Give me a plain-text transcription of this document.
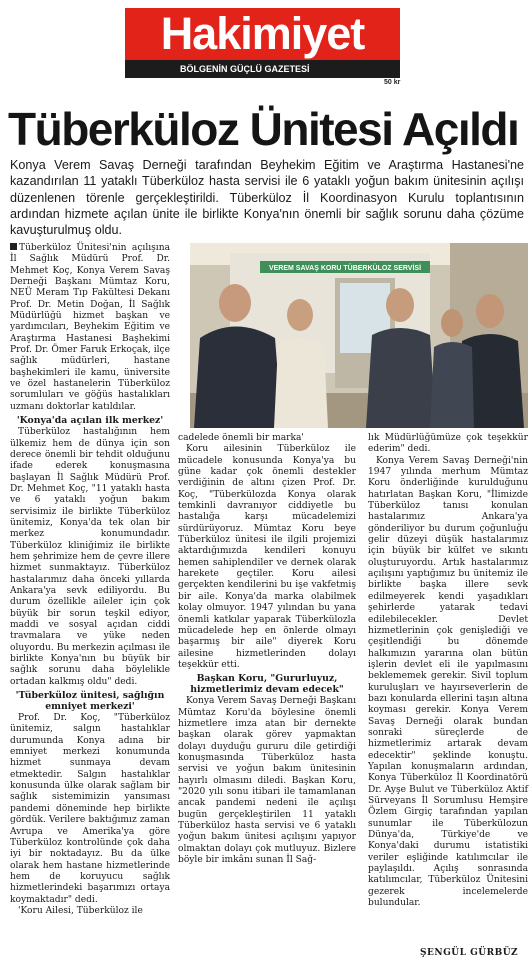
Hakimiyet
BÖLGENİN GÜÇLÜ GAZETESİ
50 kr
Tüberküloz Ünitesi Açıldı

Konya Verem Savaş Derneği tarafından Beyhekim Eğitim ve Araştırma Hastanesi'ne kazandırılan 11 yataklı Tüberküloz hasta servisi ile 6 yataklı yoğun bakım ünitesinin açılışı düzenlenen törenle gerçekleştirildi. Tüberküloz İl Koordinasyon Kurulu toplantısının ardından hizmete açılan ünite ile birlikte Konya'nın önemli bir sağlık sorunu daha çözüme kavuşturulmuş oldu.

Tüberküloz Ünitesi'nin açılışına İl Sağlık Müdürü Prof. Dr. Mehmet Koç, Konya Verem Savaş Derneği Başkanı Mümtaz Koru, NEÜ Meram Tıp Fakültesi Dekanı Prof. Dr. Metin Doğan, İl Sağlık Müdürlüğü hizmet başkan ve yardımcıları, Beyhekim Eğitim ve Araştırma Hastanesi Başhekimi Prof. Dr. Ömer Faruk Erkoçak, ilçe sağlık müdürleri, hastane başhekimleri ile kamu, üniversite ve özel hastanelerin Tüberküloz sorumluları ve göğüs hastalıkları uzmanı doktorlar katıldılar.

'Konya'da açılan ilk merkez'

Tüberküloz hastalığının hem ülkemiz hem de dünya için son derece önemli bir tehdit olduğunu ifade ederek konuşmasına başlayan İl Sağlık Müdürü Prof. Dr. Mehmet Koç, "11 yataklı hasta ve 6 yataklı yoğun bakım servisimiz ile birlikte Tüberküloz ünitemiz, Konya'da tek olan bir merkez konumundadır. Tüberküloz kliniğimiz ile birlikte hem şehrimize hem de çevre illere hizmet sunmaktayız. Tüberküloz hastalarımız daha önceki yıllarda Ankara'ya sevk ediliyordu. Bu durum özellikle aileler için çok büyük bir sorun teşkil ediyor, maddi ve sosyal açıdan ciddi travmalara ve yüke neden oluyordu. Bu merkezin açılması ile birlikte Konya'nın bu büyük bir sağlık sorunu daha böylelikle ortadan kalkmış oldu" dedi.

'Tüberküloz ünitesi, sağlığın emniyet merkezi'

Prof. Dr. Koç, "Tüberküloz ünitemiz, salgın hastalıklar durumunda Konya adına bir emniyet merkezi konumunda hizmet sunmaya devam etmektedir. Salgın hastalıklar konusunda ülke olarak sağlam bir sağlık sistemimizin yansıması pandemi döneminde hep birlikte gördük. Verilere baktığımız zaman Avrupa ve Amerika'ya göre Tüberküloz kontrolünde çok daha iyi bir noktadayız. Bu da ülke olarak hem hastane hizmetlerinde hem de koruyucu sağlık hizmetlerindeki başarımızı ortaya koymaktadır" dedi.

'Koru Ailesi, Tüberküloz ile

VEREM SAVAŞ KORU TÜBERKÜLOZ SERVİSİ

cadelede önemli bir marka'

Koru ailesinin Tüberküloz ile mücadele konusunda Konya'ya bu güne kadar çok önemli destekler verdiğinin de altını çizen Prof. Dr. Koç, "Tüberkülozda Konya olarak temkinli davranıyor ciddiyetle bu hastalığa karşı mücadelemizi sürdürüyoruz. Mümtaz Koru beye Tüberküloz ünitesi ile ilgili projemizi aktardığımızda kendileri konuyu hemen sahiplendiler ve dernek olarak harekete geçtiler. Koru ailesi gerçekten kendilerini bu işe vakfetmiş bir aile. Konya'da marka olabilmek kolay olmuyor. 1947 yılından bu yana önemli katkılar yaparak Tüberkülozla mücadelede hep en önlerde olmayı başarmış bir aile" diyerek Koru ailesine hizmetlerinden dolayı teşekkür etti.

Başkan Koru, "Gururluyuz, hizmetlerimiz devam edecek"

Konya Verem Savaş Derneği Başkanı Mümtaz Koru'da böylesine önemli hizmetlere imza atan bir dernekte başkan olarak görev yapmaktan dolayı duyduğu gururu dile getirdiği konuşmasında Tüberküloz hasta servisi ve yoğun bakım ünitesinin hayırlı olmasını diledi. Başkan Koru, "2020 yılı sonu itibari ile tamamlanan ancak pandemi nedeni ile açılışı bugün gerçekleştirilen 11 yataklı Tüberküloz hasta servisi ve 6 yataklı yoğun bakım ünitesi açılışını yapıyor olmaktan dolayı çok mutluyuz. Bizlere böyle bir imkânı sunan İl Sağ-

lık Müdürlüğümüze çok teşekkür ederim" dedi.

Konya Verem Savaş Derneği'nin 1947 yılında merhum Mümtaz Koru önderliğinde kurulduğunu hatırlatan Başkan Koru, "İlimizde Tüberküloz tanısı konulan hastalarımız Ankara'ya gönderiliyor bu durum çoğunluğu gelir düzeyi düşük hastalarımız için büyük bir külfet ve sıkıntı oluşturuyordu. Artık hastalarımız açılışını yaptığımız bu ünitemiz ile birlikte başka illere sevk edilmeyerek kendi yaşadıkları şehirlerde yatarak tedavi edilebilecekler. Devlet hizmetlerinin çok genişlediği ve çeşitlendiği bu dönemde halkımızın yararına olan bütün işlerin devlet eli ile yapılmasını beklememek gerekir. Sivil toplum kuruluşları ve hayırseverlerin de bazı konularda ellerini taşın altına koyması gerekir. Konya Verem Savaş Derneği olarak bundan sonraki süreçlerde de hizmetlerimiz artarak devam edecektir" şeklinde konuştu. Yapılan konuşmaların ardından, Konya Tüberküloz İl Koordinatörü Dr. Ayşe Bulut ve Tüberküloz Aktif Sürveyans İl Sorumlusu Hemşire Özlem Girgiç tarafından yapılan sunumlar ile Tüberkülozun Dünya'da, Türkiye'de ve Konya'daki durumu istatistiki veriler eşliğinde katılımcılar ile paylaşıldı. Açılış sonrasında katılımcılar, Tüberküloz Ünitesini gezerek incelemelerde bulundular.

ŞENGÜL GÜRBÜZ
